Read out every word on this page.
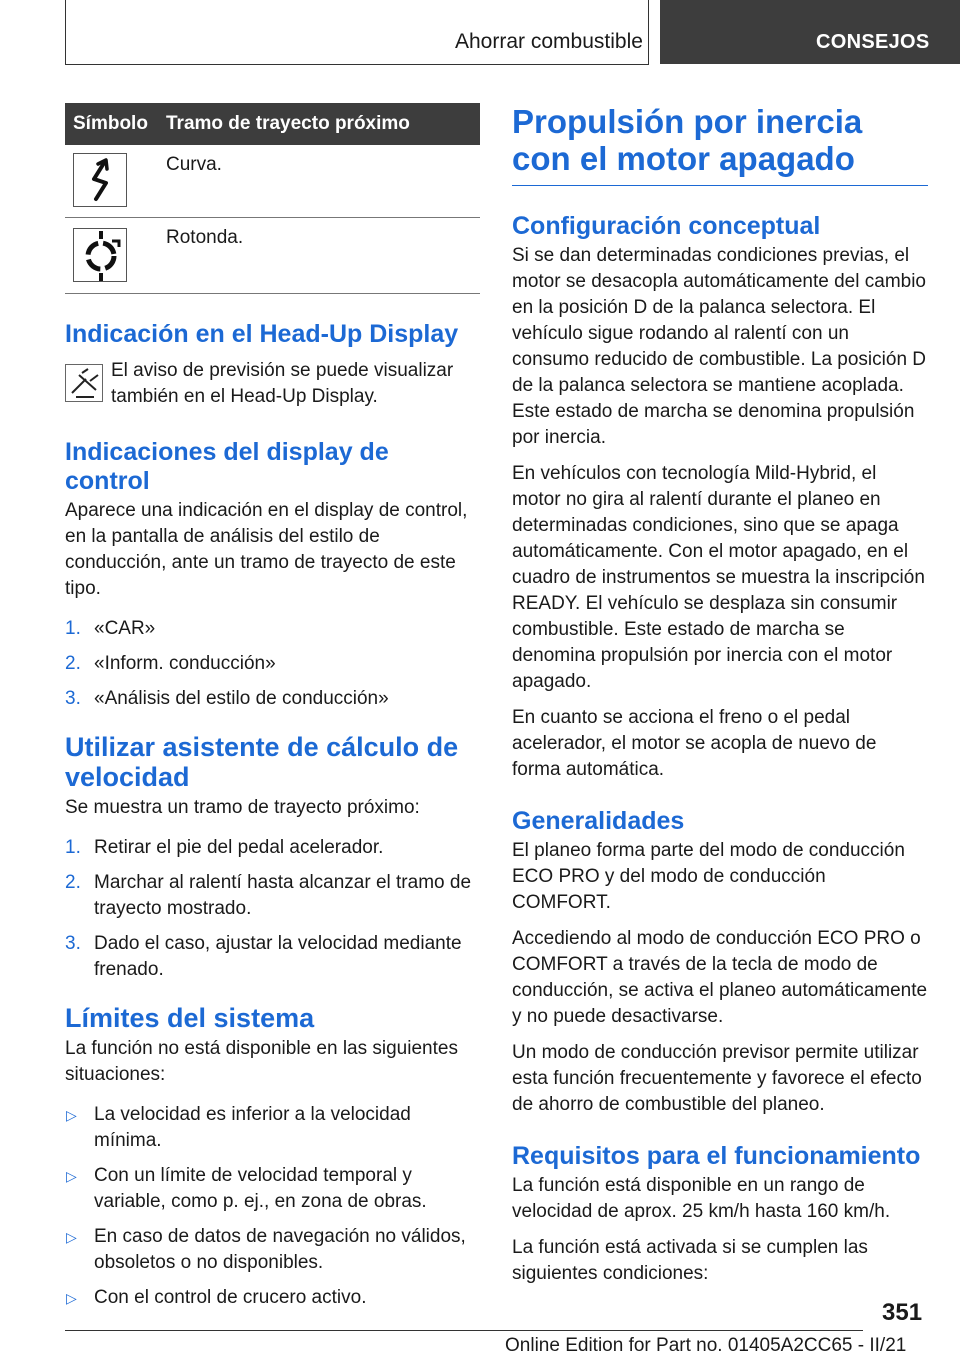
Ahorrar combustible	CONSEJOS
Símbolo Tramo de trayecto próximo
Curva.
Rotonda.
Indicación en el Head-Up Display
El aviso de previsión se puede visualizar también en el Head-Up Display.
Indicaciones del display de control

Aparece una indicación en el display de control, en la pantalla de análisis del estilo de conducción, ante un tramo de trayecto de este tipo.

1. «CAR»
2. «Inform. conducción»
3. «Análisis del estilo de conducción»
Utilizar asistente de cálculo de velocidad

Se muestra un tramo de trayecto próximo:

1. Retirar el pie del pedal acelerador.
2. Marchar al ralentí hasta alcanzar el tramo de trayecto mostrado.
3. Dado el caso, ajustar la velocidad mediante frenado.
Límites del sistema

La función no está disponible en las siguientes situaciones:

▷ La velocidad es inferior a la velocidad mínima.
▷ Con un límite de velocidad temporal y variable, como p. ej., en zona de obras.
▷ En caso de datos de navegación no válidos, obsoletos o no disponibles.
▷ Con el control de crucero activo.
Propulsión por inercia con el motor apagado
Configuración conceptual

Si se dan determinadas condiciones previas, el motor se desacopla automáticamente del cambio en la posición D de la palanca selectora. El vehículo sigue rodando al ralentí con un consumo reducido de combustible. La posición D de la palanca selectora se mantiene acoplada. Este estado de marcha se denomina propulsión por inercia.

En vehículos con tecnología Mild-Hybrid, el motor no gira al ralentí durante el planeo en determinadas condiciones, sino que se apaga automáticamente. Con el motor apagado, en el cuadro de instrumentos se muestra la inscripción READY. El vehículo se desplaza sin consumir combustible. Este estado de marcha se denomina propulsión por inercia con el motor apagado.

En cuanto se acciona el freno o el pedal acelerador, el motor se acopla de nuevo de forma automática.

Generalidades

El planeo forma parte del modo de conducción ECO PRO y del modo de conducción COMFORT.

Accediendo al modo de conducción ECO PRO o COMFORT a través de la tecla de modo de conducción, se activa el planeo automáticamente y no puede desactivarse.

Un modo de conducción previsor permite utilizar esta función frecuentemente y favorece el efecto de ahorro de combustible del planeo.

Requisitos para el funcionamiento

La función está disponible en un rango de velocidad de aprox. 25 km/h hasta 160 km/h.

La función está activada si se cumplen las siguientes condiciones:

351
Online Edition for Part no. 01405A2CC65 - II/21
